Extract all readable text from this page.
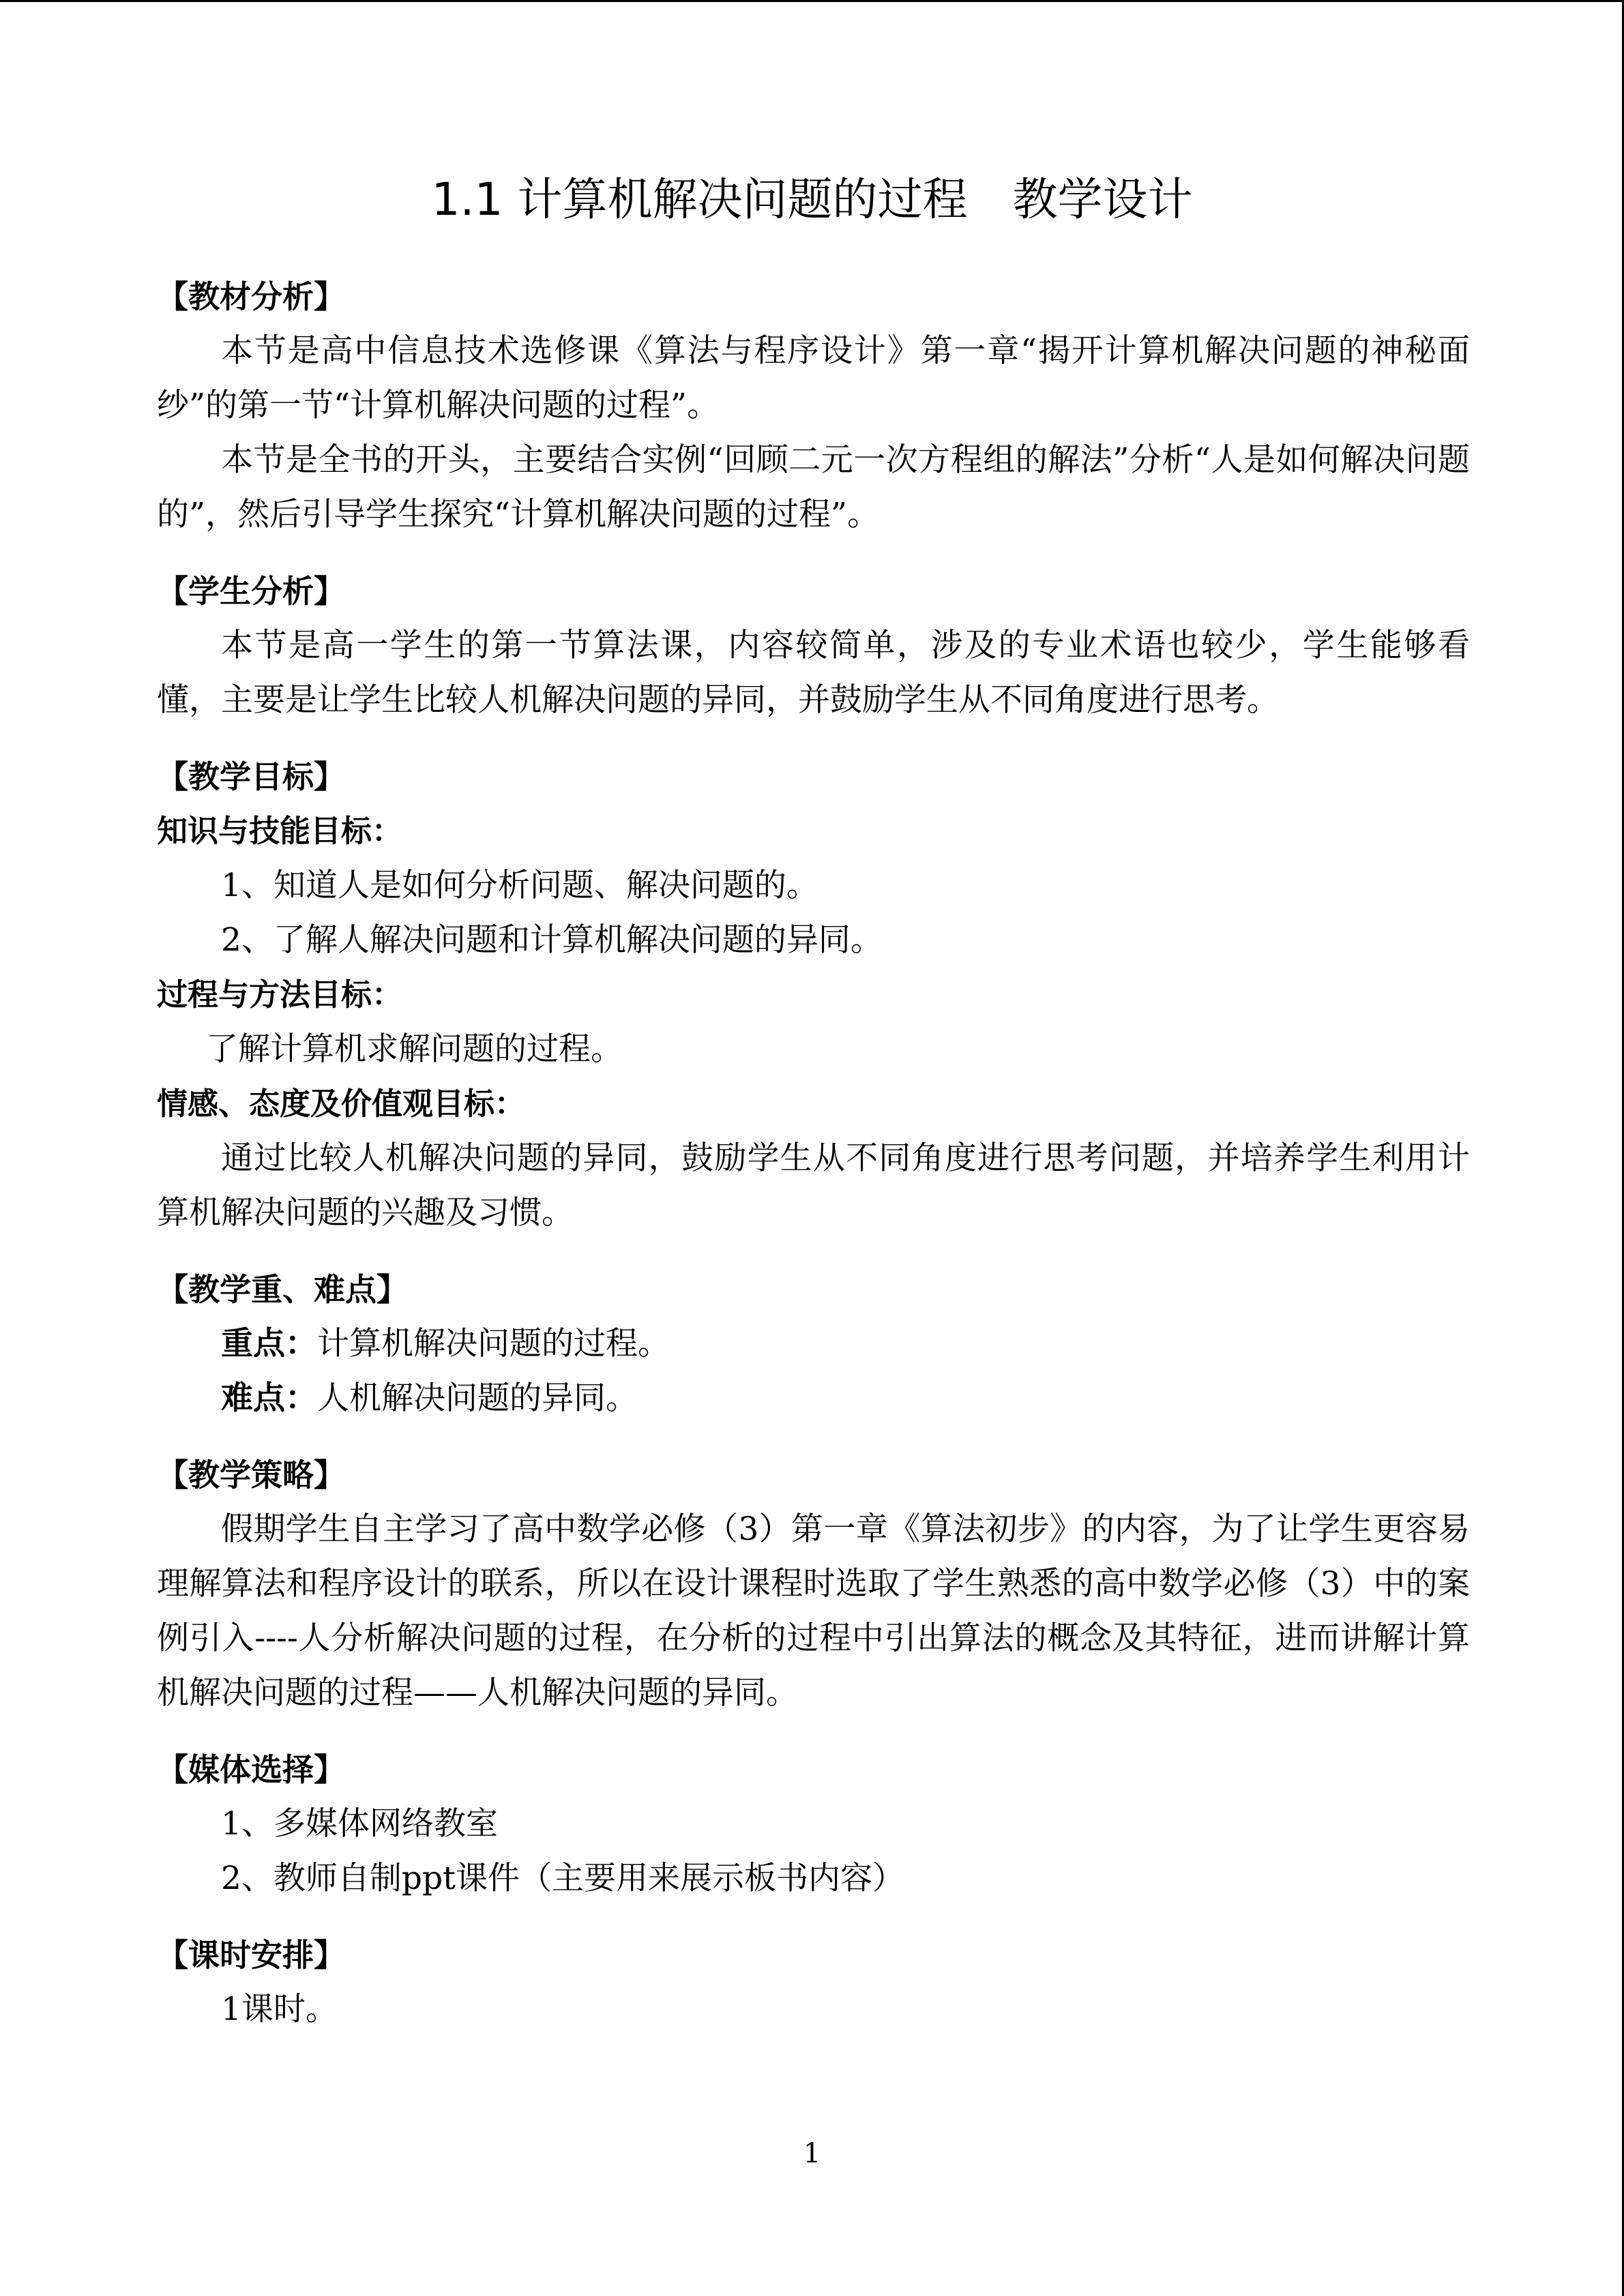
1.1 计算机解决问题的过程　教学设计
【教材分析】
本节是高中信息技术选修课《算法与程序设计》第一章“揭开计算机解决问题的神秘面纱”的第一节“计算机解决问题的过程”。
本节是全书的开头，主要结合实例“回顾二元一次方程组的解法”分析“人是如何解决问题的”，然后引导学生探究“计算机解决问题的过程”。
【学生分析】
本节是高一学生的第一节算法课，内容较简单，涉及的专业术语也较少，学生能够看懂，主要是让学生比较人机解决问题的异同，并鼓励学生从不同角度进行思考。
【教学目标】
知识与技能目标：
1、知道人是如何分析问题、解决问题的。
2、了解人解决问题和计算机解决问题的异同。
过程与方法目标：
了解计算机求解问题的过程。
情感、态度及价值观目标：
通过比较人机解决问题的异同，鼓励学生从不同角度进行思考问题，并培养学生利用计算机解决问题的兴趣及习惯。
【教学重、难点】
重点：计算机解决问题的过程。
难点：人机解决问题的异同。
【教学策略】
假期学生自主学习了高中数学必修（3）第一章《算法初步》的内容，为了让学生更容易理解算法和程序设计的联系，所以在设计课程时选取了学生熟悉的高中数学必修（3）中的案例引入----人分析解决问题的过程，在分析的过程中引出算法的概念及其特征，进而讲解计算机解决问题的过程——人机解决问题的异同。
【媒体选择】
1、多媒体网络教室
2、教师自制ppt课件（主要用来展示板书内容）
【课时安排】
1课时。
1
